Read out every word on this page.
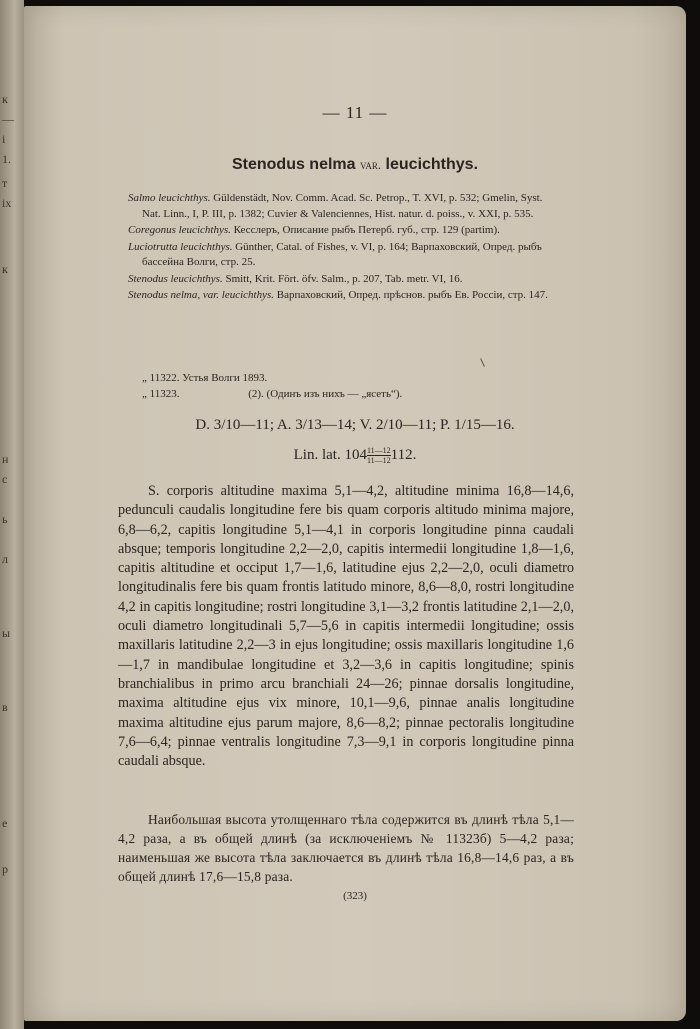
к
—
і
1.
т
іх
к
н
с
ь
л
ы
в
е
р
— 11 —
Stenodus nelma var. leucichthys.

Salmo leucichthys. Güldenstädt, Nov. Comm. Acad. Sc. Petrop., T. XVI, p. 532; Gmelin, Syst. Nat. Linn., I, P. III, p. 1382; Cuvier & Valenciennes, Hist. natur. d. poiss., v. XXI, p. 535.

Coregonus leucichthys. Кесслеръ, Описание рыбъ Петерб. губ., стр. 129 (partim).

Luciotrutta leucichthys. Günther, Catal. of Fishes, v. VI, p. 164; Варпаховский, Опред. рыбъ бассейна Волги, стр. 25.

Stenodus leucichthys. Smitt, Krit. Fört. öfv. Salm., p. 207, Tab. metr. VI, 16.

Stenodus nelma, var. leucichthys. Варпаховский, Опред. прѣснов. рыбъ Ев. Россіи, стр. 147.

„ 11322. Устья Волги 1893.
„ 11323.                         (2). (Одинъ изъ нихъ — „ясеть“).
D. 3/10—11; A. 3/13—14; V. 2/10—11; P. 1/15—16.
Lin. lat. $104 \frac{11—12}{11—12} 112$.

S. corporis altitudine maxima 5,1—4,2, altitudine minima 16,8—14,6, pedunculi caudalis longitudine fere bis quam corporis altitudo minima majore, 6,8—6,2, capitis longitudine 5,1—4,1 in corporis longitudine pinna caudali absque; temporis longitudine 2,2—2,0, capitis intermedii longitudine 1,8—1,6, capitis altitudine et occiput 1,7—1,6, latitudine ejus 2,2—2,0, oculi diametro longitudinalis fere bis quam frontis latitudo minore, 8,6—8,0, rostri longitudine 4,2 in capitis longitudine; rostri longitudine 3,1—3,2 frontis latitudine 2,1—2,0, oculi diametro longitudinali 5,7—5,6 in capitis intermedii longitudine; ossis maxillaris latitudine 2,2—3 in ejus longitudine; ossis maxillaris longitudine 1,6—1,7 in mandibulae longitudine et 3,2—3,6 in capitis longitudine; spinis branchialibus in primo arcu branchiali 24—26; pinnae dorsalis longitudine, maxima altitudine ejus vix minore, 10,1—9,6, pinnae analis longitudine maxima altitudine ejus parum majore, 8,6—8,2; pinnae pectoralis longitudine 7,6—6,4; pinnae ventralis longitudine 7,3—9,1 in corporis longitudine pinna caudali absque.

Наибольшая высота утолщеннаго тѣла содержится въ длинѣ тѣла 5,1—4,2 раза, а въ общей длинѣ (за исключеніемъ № 11323б) 5—4,2 раза; наименьшая же высота тѣла заключается въ длинѣ тѣла 16,8—14,6 раз, а въ общей длинѣ 17,6—15,8 раза.

(323)
